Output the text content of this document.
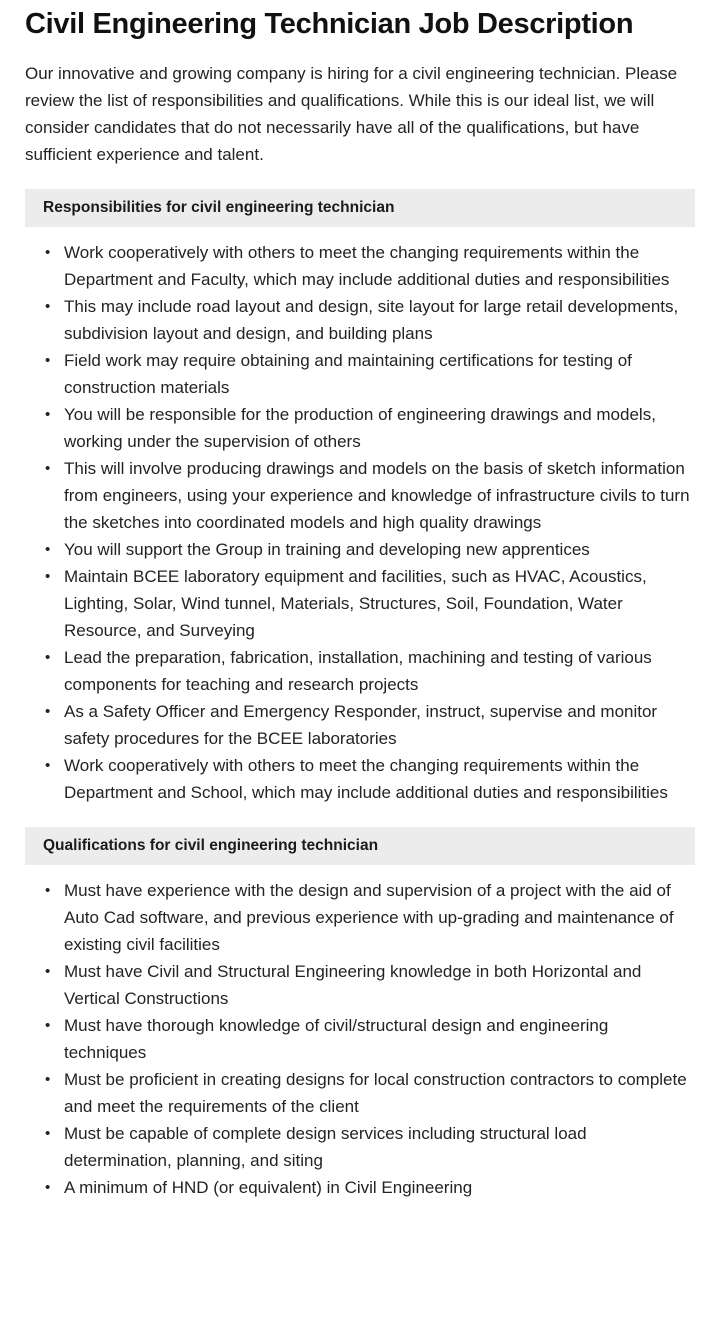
Civil Engineering Technician Job Description

Our innovative and growing company is hiring for a civil engineering technician. Please review the list of responsibilities and qualifications. While this is our ideal list, we will consider candidates that do not necessarily have all of the qualifications, but have sufficient experience and talent.

Responsibilities for civil engineering technician
• Work cooperatively with others to meet the changing requirements within the Department and Faculty, which may include additional duties and responsibilities
• This may include road layout and design, site layout for large retail developments, subdivision layout and design, and building plans
• Field work may require obtaining and maintaining certifications for testing of construction materials
• You will be responsible for the production of engineering drawings and models, working under the supervision of others
• This will involve producing drawings and models on the basis of sketch information from engineers, using your experience and knowledge of infrastructure civils to turn the sketches into coordinated models and high quality drawings
• You will support the Group in training and developing new apprentices
• Maintain BCEE laboratory equipment and facilities, such as HVAC, Acoustics, Lighting, Solar, Wind tunnel, Materials, Structures, Soil, Foundation, Water Resource, and Surveying
• Lead the preparation, fabrication, installation, machining and testing of various components for teaching and research projects
• As a Safety Officer and Emergency Responder, instruct, supervise and monitor safety procedures for the BCEE laboratories
• Work cooperatively with others to meet the changing requirements within the Department and School, which may include additional duties and responsibilities
Qualifications for civil engineering technician
• Must have experience with the design and supervision of a project with the aid of Auto Cad software, and previous experience with up-grading and maintenance of existing civil facilities
• Must have Civil and Structural Engineering knowledge in both Horizontal and Vertical Constructions
• Must have thorough knowledge of civil/structural design and engineering techniques
• Must be proficient in creating designs for local construction contractors to complete and meet the requirements of the client
• Must be capable of complete design services including structural load determination, planning, and siting
• A minimum of HND (or equivalent) in Civil Engineering
